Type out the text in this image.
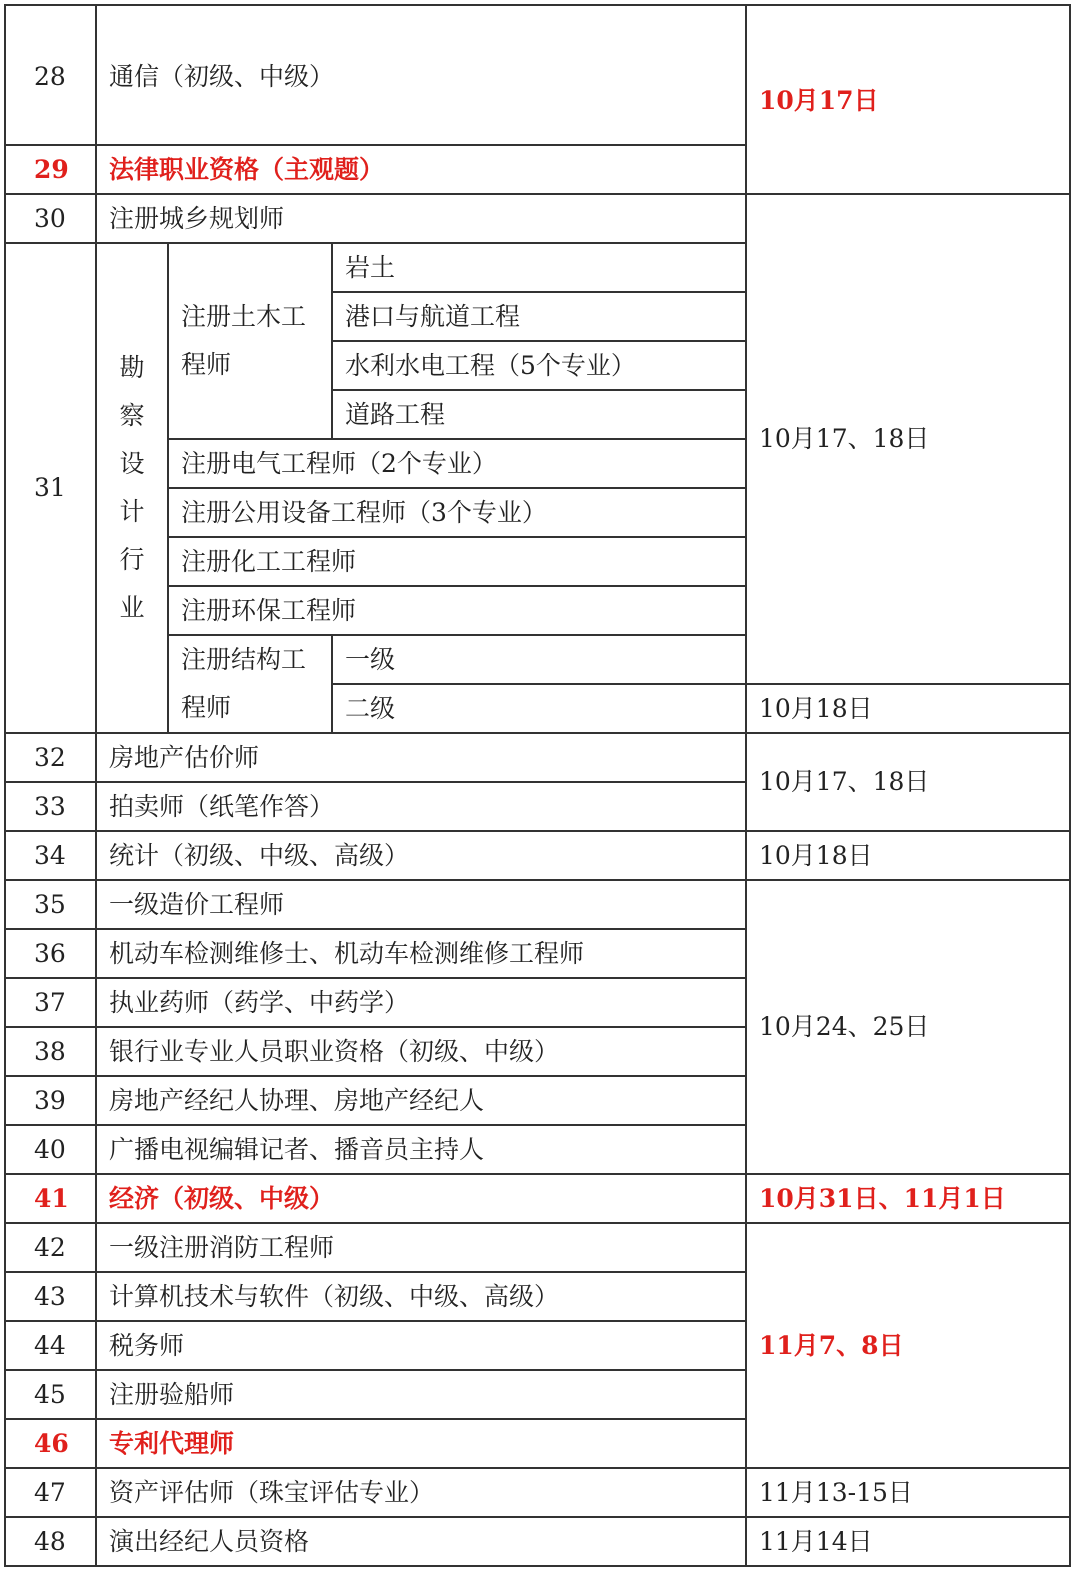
28	通信（初级、中级）			10月17日
29	法律职业资格（主观题）			
30	注册城乡规划师			10月17、18日
31	勘察设计行业	注册土木工程师	岩土	
			港口与航道工程	
			水利水电工程（5个专业）	
			道路工程	
		注册电气工程师（2个专业）		
		注册公用设备工程师（3个专业）		
		注册化工工程师		
		注册环保工程师		
		注册结构工程师	一级	
			二级	10月18日
32	房地产估价师			10月17、18日
33	拍卖师（纸笔作答）			
34	统计（初级、中级、高级）			10月18日
35	一级造价工程师			10月24、25日
36	机动车检测维修士、机动车检测维修工程师			
37	执业药师（药学、中药学）			
38	银行业专业人员职业资格（初级、中级）			
39	房地产经纪人协理、房地产经纪人			
40	广播电视编辑记者、播音员主持人			
41	经济（初级、中级）			10月31日、11月1日
42	一级注册消防工程师			11月7、8日
43	计算机技术与软件（初级、中级、高级）			
44	税务师			
45	注册验船师			
46	专利代理师			
47	资产评估师（珠宝评估专业）			11月13-15日
48	演出经纪人员资格			11月14日
